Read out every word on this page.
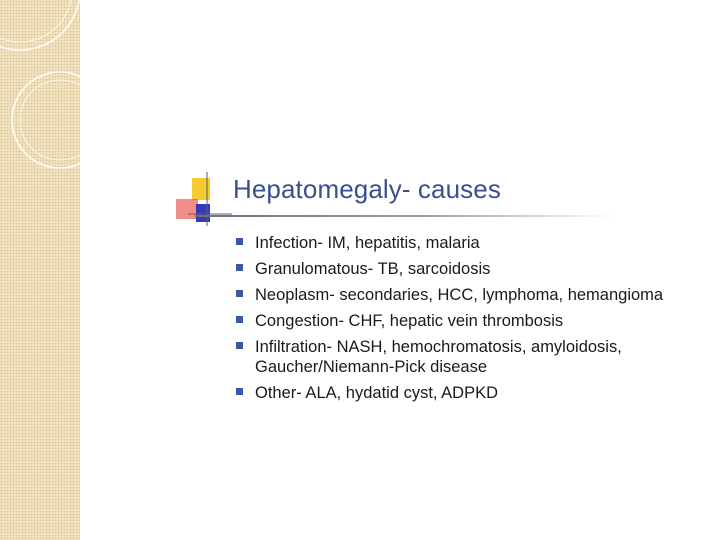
Hepatomegaly- causes
Infection- IM, hepatitis, malaria
Granulomatous- TB, sarcoidosis
Neoplasm- secondaries, HCC, lymphoma, hemangioma
Congestion- CHF, hepatic vein thrombosis
Infiltration- NASH, hemochromatosis, amyloidosis, Gaucher/Niemann-Pick disease
Other- ALA, hydatid cyst, ADPKD
